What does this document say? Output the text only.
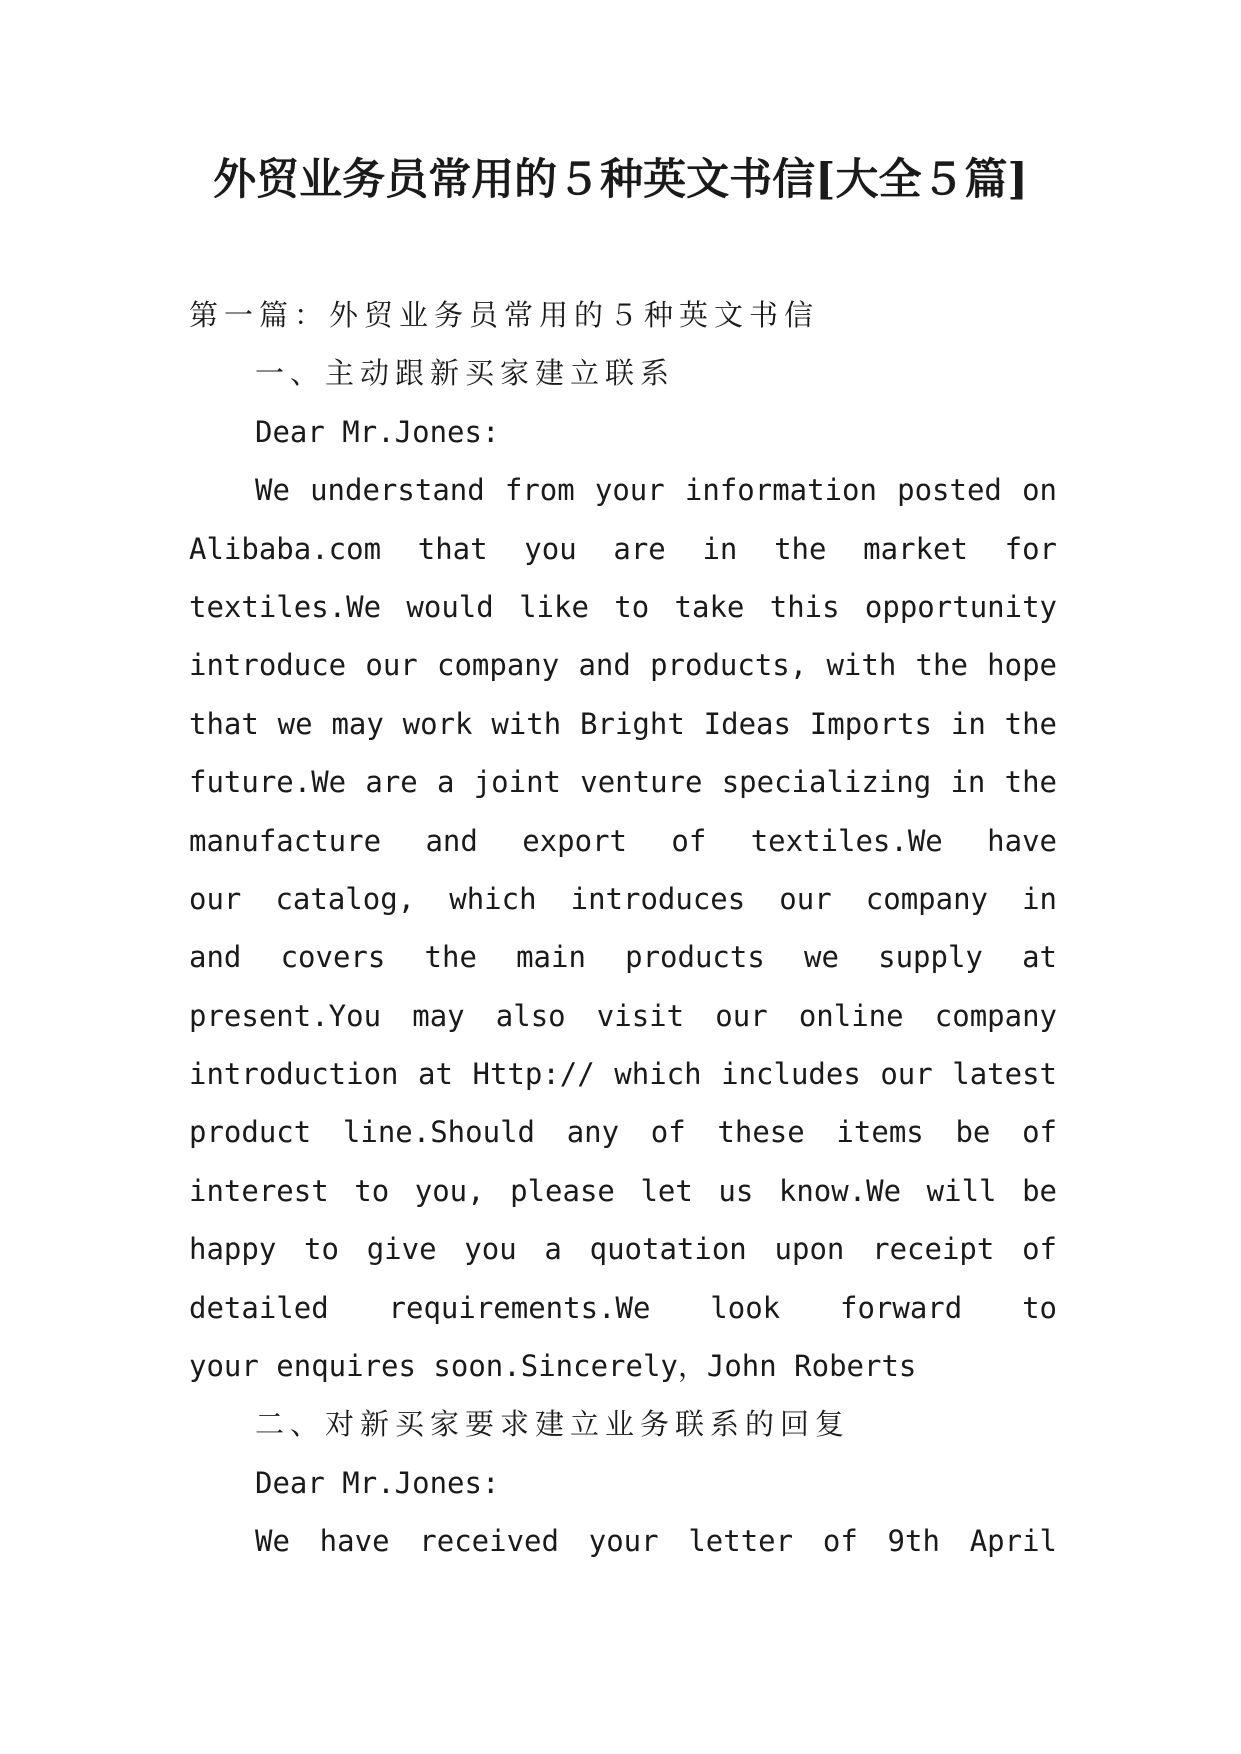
外贸业务员常用的５种英文书信[大全５篇]
第一篇：外贸业务员常用的５种英文书信
一、主动跟新买家建立联系
Dear Mr.Jones:
We understand from your information posted on
Alibaba.com that you are in the market for
textiles.We would like to take this opportunity
introduce our company and products, with the hope
that we may work with Bright Ideas Imports in the
future.We are a joint venture specializing in the
manufacture and export of textiles.We have
our catalog, which introduces our company in
and covers the main products we supply at
present.You may also visit our online company
introduction at Http:// which includes our latest
product line.Should any of these items be of
interest to you, please let us know.We will be
happy to give you a quotation upon receipt of
detailed requirements.We look forward to
your enquires soon.Sincerely，John Roberts
二、对新买家要求建立业务联系的回复
Dear Mr.Jones:
We have received your letter of 9th April
